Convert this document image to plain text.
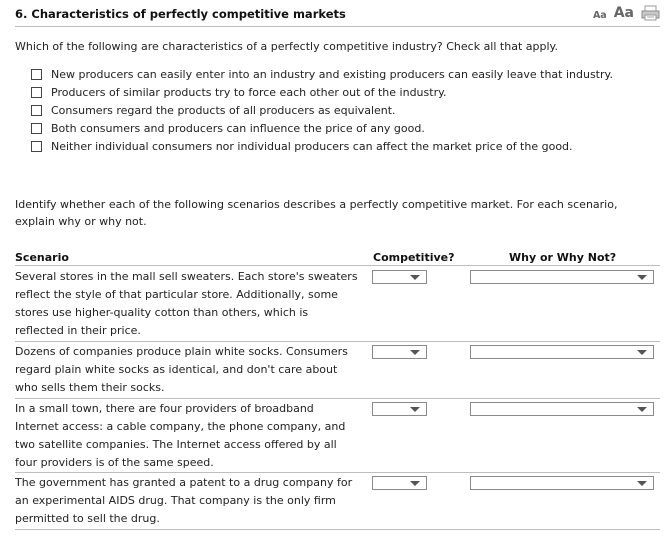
6. Characteristics of perfectly competitive markets	Aa Aa
Which of the following are characteristics of a perfectly competitive industry? Check all that apply.
New producers can easily enter into an industry and existing producers can easily leave that industry.
Producers of similar products try to force each other out of the industry.
Consumers regard the products of all producers as equivalent.
Both consumers and producers can influence the price of any good.
Neither individual consumers nor individual producers can affect the market price of the good.
Identify whether each of the following scenarios describes a perfectly competitive market. For each scenario, explain why or why not.
Scenario	Competitive?	Why or Why Not?
Several stores in the mall sell sweaters. Each store's sweaters reflect the style of that particular store. Additionally, some stores use higher-quality cotton than others, which is reflected in their price.
Dozens of companies produce plain white socks. Consumers regard plain white socks as identical, and don't care about who sells them their socks.
In a small town, there are four providers of broadband Internet access: a cable company, the phone company, and two satellite companies. The Internet access offered by all four providers is of the same speed.
The government has granted a patent to a drug company for an experimental AIDS drug. That company is the only firm permitted to sell the drug.
